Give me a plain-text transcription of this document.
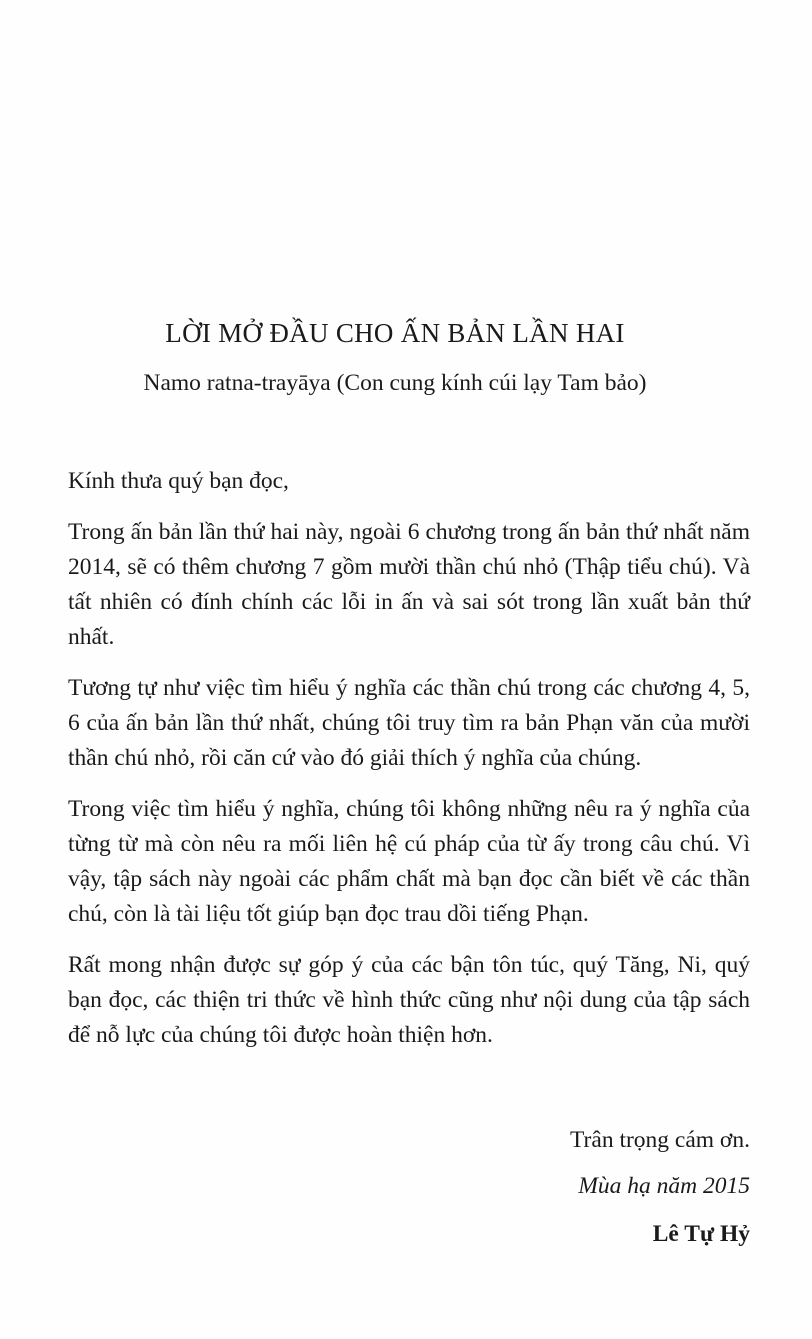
LỜI MỞ ĐẦU CHO ẤN BẢN LẦN HAI

Namo ratna-trayāya (Con cung kính cúi lạy Tam bảo)

Kính thưa quý bạn đọc,

Trong ấn bản lần thứ hai này, ngoài 6 chương trong ấn bản thứ nhất năm 2014, sẽ có thêm chương 7 gồm mười thần chú nhỏ (Thập tiểu chú). Và tất nhiên có đính chính các lỗi in ấn và sai sót trong lần xuất bản thứ nhất.

Tương tự như việc tìm hiểu ý nghĩa các thần chú trong các chương 4, 5, 6 của ấn bản lần thứ nhất, chúng tôi truy tìm ra bản Phạn văn của mười thần chú nhỏ, rồi căn cứ vào đó giải thích ý nghĩa của chúng.

Trong việc tìm hiểu ý nghĩa, chúng tôi không những nêu ra ý nghĩa của từng từ mà còn nêu ra mối liên hệ cú pháp của từ ấy trong câu chú. Vì vậy, tập sách này ngoài các phẩm chất mà bạn đọc cần biết về các thần chú, còn là tài liệu tốt giúp bạn đọc trau dồi tiếng Phạn.

Rất mong nhận được sự góp ý của các bận tôn túc, quý Tăng, Ni, quý bạn đọc, các thiện tri thức về hình thức cũng như nội dung của tập sách để nỗ lực của chúng tôi được hoàn thiện hơn.

Trân trọng cám ơn.

Mùa hạ năm 2015

Lê Tự Hỷ
